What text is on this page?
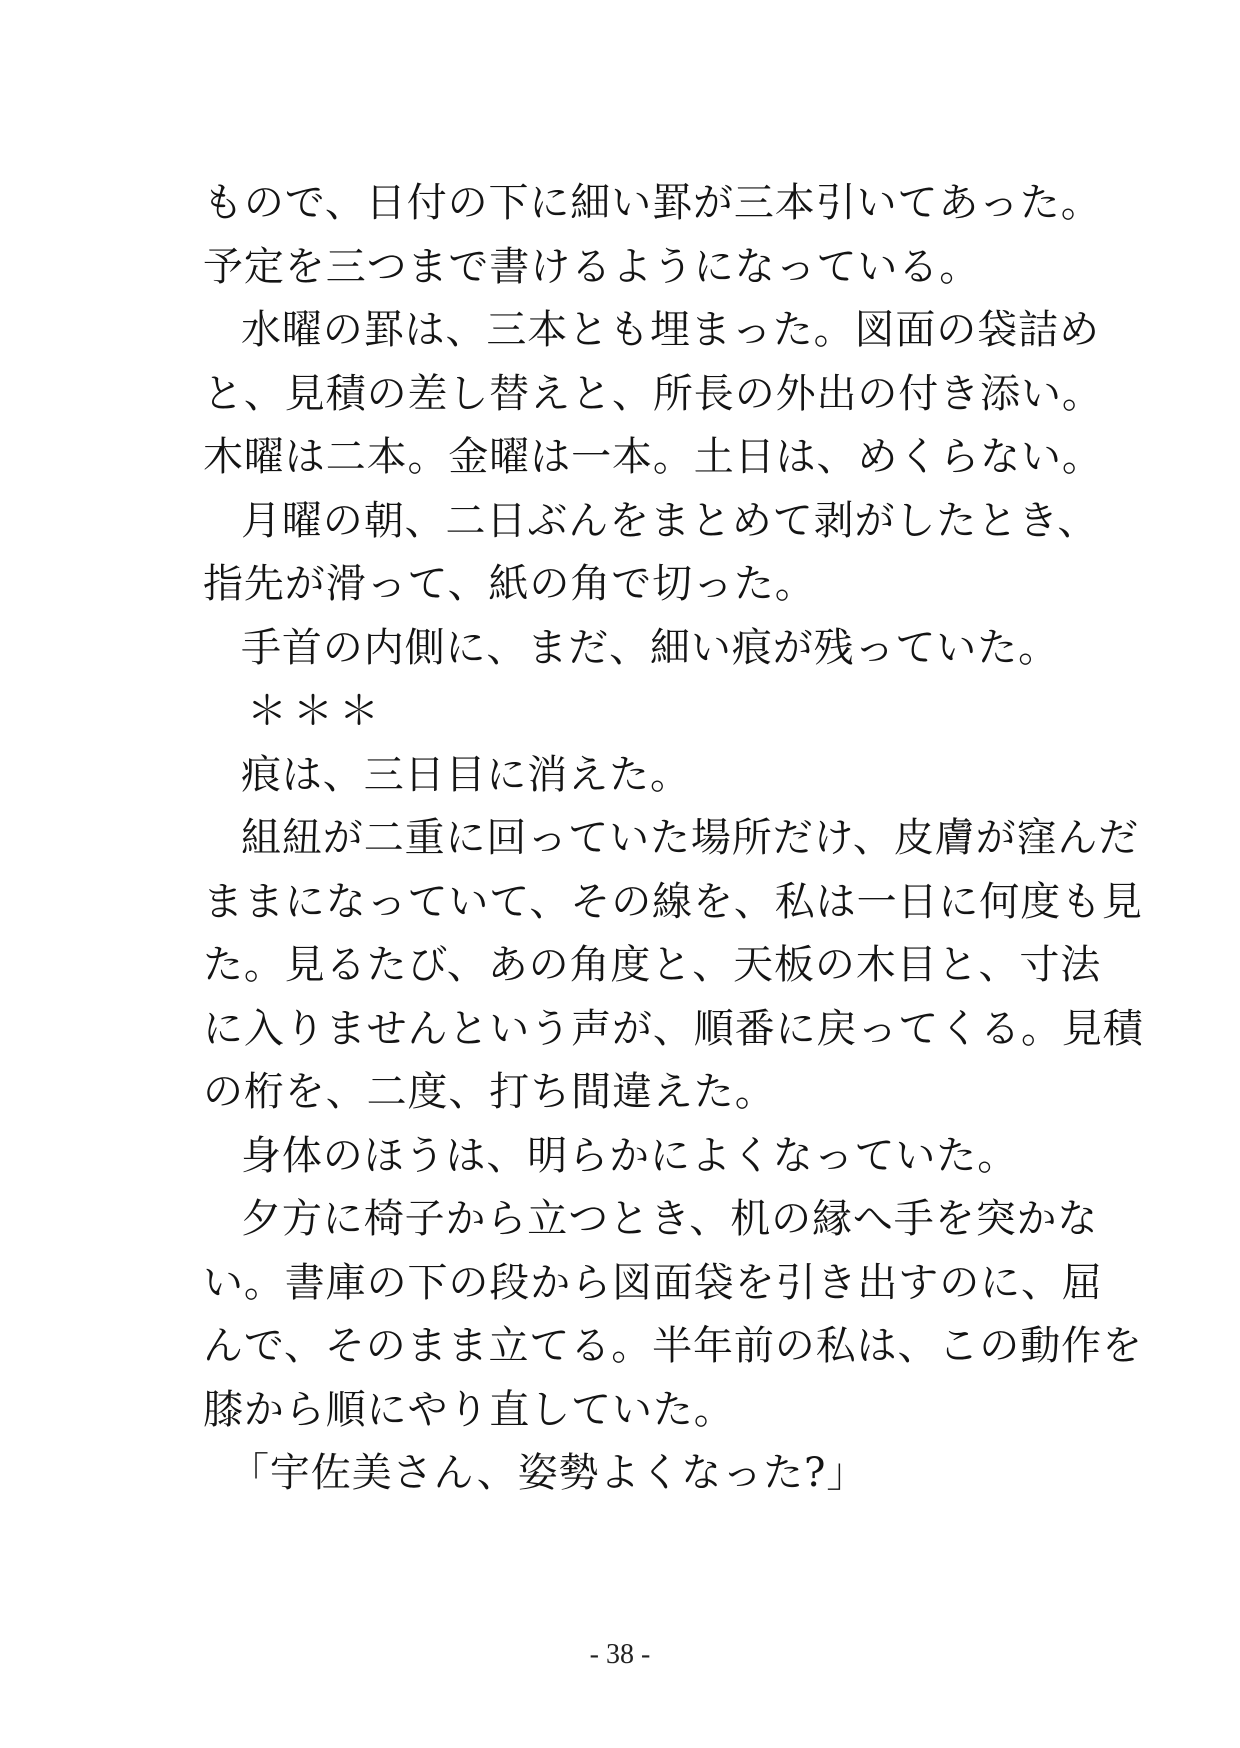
もので、日付の下に細い罫が三本引いてあった。
予定を三つまで書けるようになっている。
水曜の罫は、三本とも埋まった。図面の袋詰め
と、見積の差し替えと、所長の外出の付き添い。
木曜は二本。金曜は一本。土日は、めくらない。
月曜の朝、二日ぶんをまとめて剥がしたとき、
指先が滑って、紙の角で切った。
手首の内側に、まだ、細い痕が残っていた。
＊＊＊
痕は、三日目に消えた。
組紐が二重に回っていた場所だけ、皮膚が窪んだ
ままになっていて、その線を、私は一日に何度も見
た。見るたび、あの角度と、天板の木目と、寸法
に入りませんという声が、順番に戻ってくる。見積
の桁を、二度、打ち間違えた。
身体のほうは、明らかによくなっていた。
夕方に椅子から立つとき、机の縁へ手を突かな
い。書庫の下の段から図面袋を引き出すのに、屈
んで、そのまま立てる。半年前の私は、この動作を
膝から順にやり直していた。
「宇佐美さん、姿勢よくなった?」
- 38 -
